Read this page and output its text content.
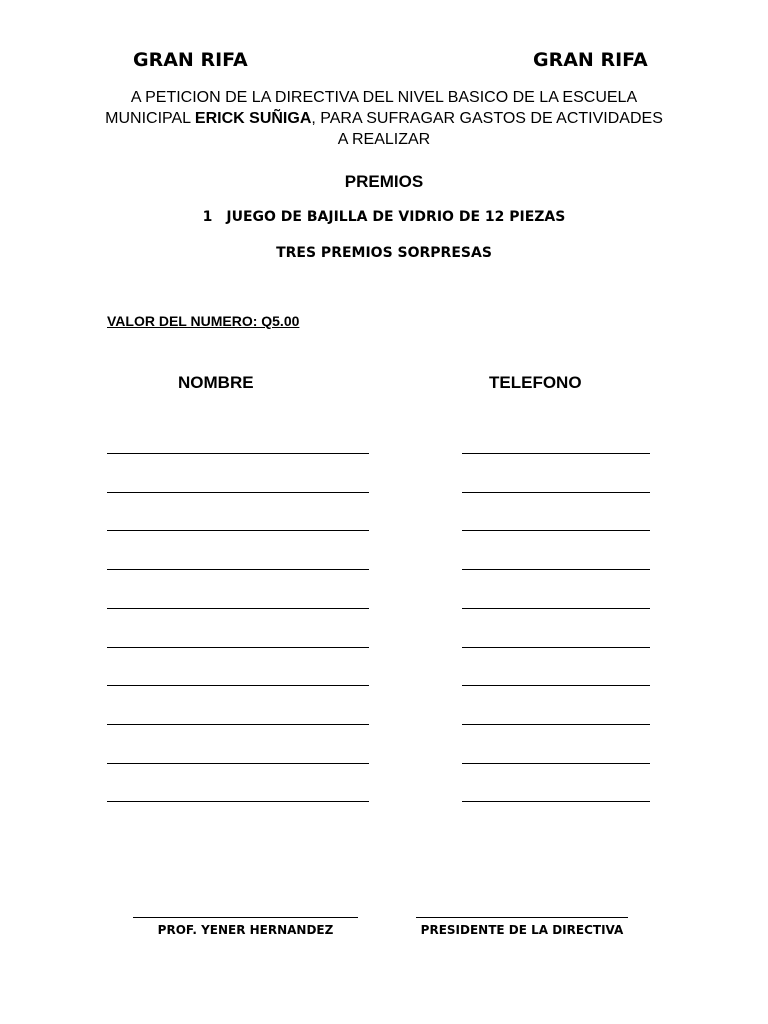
GRAN RIFA	GRAN RIFA
A PETICION DE LA DIRECTIVA DEL NIVEL BASICO DE LA ESCUELA MUNICIPAL ERICK SUÑIGA, PARA SUFRAGAR GASTOS DE ACTIVIDADES A REALIZAR
PREMIOS
1 JUEGO DE BAJILLA DE VIDRIO DE 12 PIEZAS
TRES PREMIOS SORPRESAS
VALOR DEL NUMERO: Q5.00
NOMBRE	TELEFONO
PROF. YENER HERNANDEZ	PRESIDENTE DE LA DIRECTIVA
